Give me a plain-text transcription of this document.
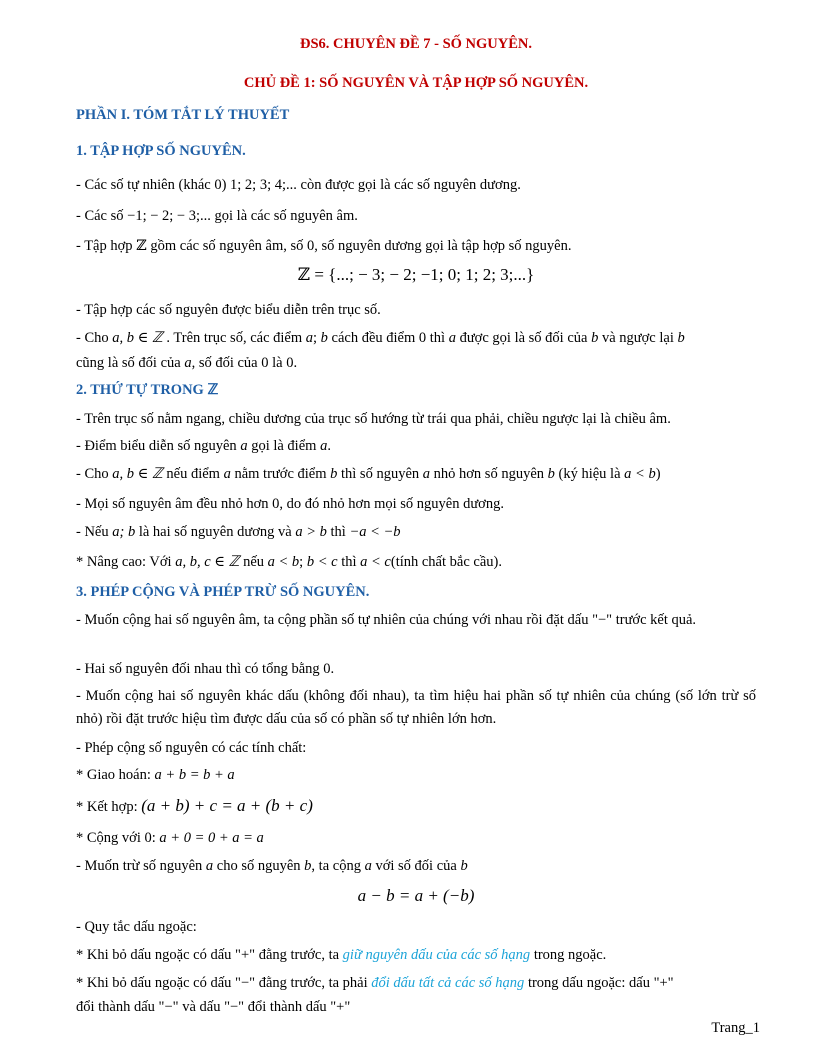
ĐS6. CHUYÊN ĐỀ 7 - SỐ NGUYÊN.
CHỦ ĐỀ 1: SỐ NGUYÊN VÀ TẬP HỢP SỐ NGUYÊN.
PHẦN I. TÓM TẮT LÝ THUYẾT
1. TẬP HỢP SỐ NGUYÊN.
- Các số tự nhiên (khác 0) 1; 2; 3; 4;... còn được gọi là các số nguyên dương.
- Các số −1; − 2; − 3;... gọi là các số nguyên âm.
- Tập hợp ℤ gồm các số nguyên âm, số 0, số nguyên dương gọi là tập hợp số nguyên.
ℤ = {...; − 3; − 2; −1; 0; 1; 2; 3;...}
- Tập hợp các số nguyên được biểu diễn trên trục số.
- Cho a, b ∈ ℤ . Trên trục số, các điểm a; b cách đều điểm 0 thì a được gọi là số đối của b và ngược lại b
cũng là số đối của a, số đối của 0 là 0.
2. THỨ TỰ TRONG ℤ
- Trên trục số nằm ngang, chiều dương của trục số hướng từ trái qua phải, chiều ngược lại là chiều âm.
- Điểm biểu diễn số nguyên a gọi là điểm a.
- Cho a, b ∈ ℤ nếu điểm a nằm trước điểm b thì số nguyên a nhỏ hơn số nguyên b (ký hiệu là a < b)
- Mọi số nguyên âm đều nhỏ hơn 0, do đó nhỏ hơn mọi số nguyên dương.
- Nếu a; b là hai số nguyên dương và a > b thì −a < −b
* Nâng cao: Với a, b, c ∈ ℤ nếu a < b; b < c thì a < c(tính chất bắc cầu).
3. PHÉP CỘNG VÀ PHÉP TRỪ SỐ NGUYÊN.
- Muốn cộng hai số nguyên âm, ta cộng phần số tự nhiên của chúng với nhau rồi đặt dấu "−" trước kết quả.
- Hai số nguyên đối nhau thì có tổng bằng 0.
- Muốn cộng hai số nguyên khác dấu (không đối nhau), ta tìm hiệu hai phần số tự nhiên của chúng (số lớn trừ số nhỏ) rồi đặt trước hiệu tìm được dấu của số có phần số tự nhiên lớn hơn.
- Phép cộng số nguyên có các tính chất:
* Giao hoán: a + b = b + a
* Kết hợp: (a + b) + c = a + (b + c)
* Cộng với 0: a + 0 = 0 + a = a
- Muốn trừ số nguyên a cho số nguyên b, ta cộng a với số đối của b
a − b = a + (−b)
- Quy tắc dấu ngoặc:
* Khi bỏ dấu ngoặc có dấu "+" đằng trước, ta giữ nguyên dấu của các số hạng trong ngoặc.
* Khi bỏ dấu ngoặc có dấu "−" đằng trước, ta phải đổi dấu tất cả các số hạng trong dấu ngoặc: dấu "+"
đổi thành dấu "−" và dấu "−" đổi thành dấu "+"
Trang_1
